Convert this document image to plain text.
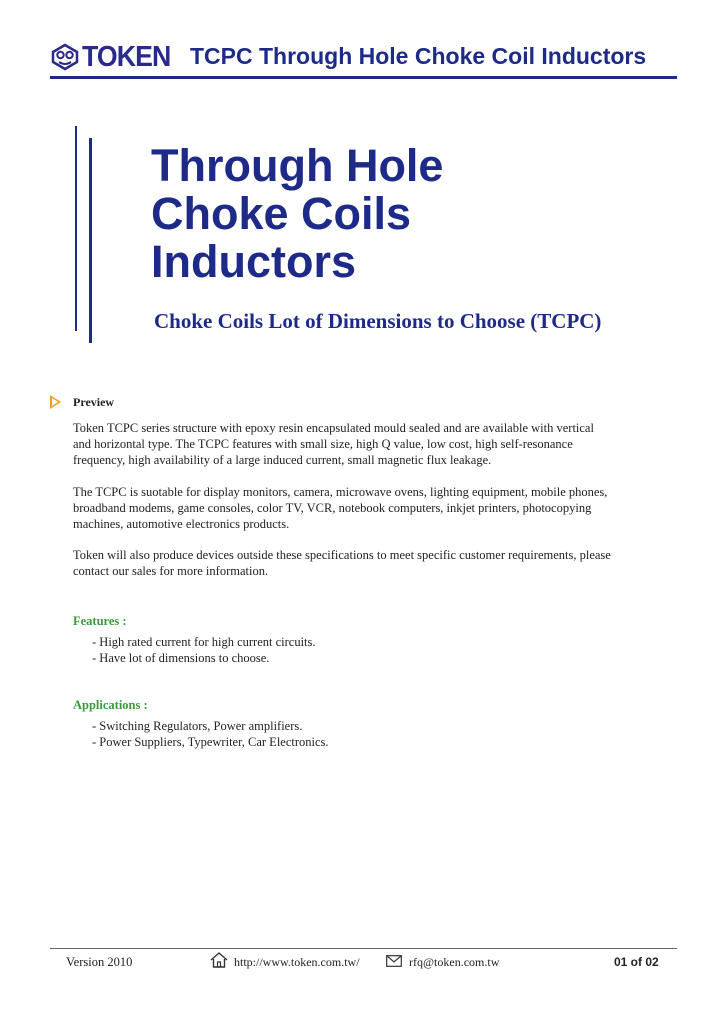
TOKEN TCPC Through Hole Choke Coil Inductors
Through Hole
Choke Coils
Inductors
Choke Coils Lot of Dimensions to Choose (TCPC)
Preview
Token TCPC series structure with epoxy resin encapsulated mould sealed and are available with vertical
and horizontal type. The TCPC features with small size, high Q value, low cost, high self-resonance
frequency, high availability of a large induced current, small magnetic flux leakage.
The TCPC is suotable for display monitors, camera, microwave ovens, lighting equipment, mobile phones,
broadband modems, game consoles, color TV, VCR, notebook computers, inkjet printers, photocopying
machines, automotive electronics products.
Token will also produce devices outside these specifications to meet specific customer requirements, please
contact our sales for more information.
Features :
- High rated current for high current circuits.
- Have lot of dimensions to choose.
Applications :
- Switching Regulators, Power amplifiers.
- Power Suppliers, Typewriter, Car Electronics.
Version 2010	http://www.token.com.tw/	rfq@token.com.tw	01 of 02
